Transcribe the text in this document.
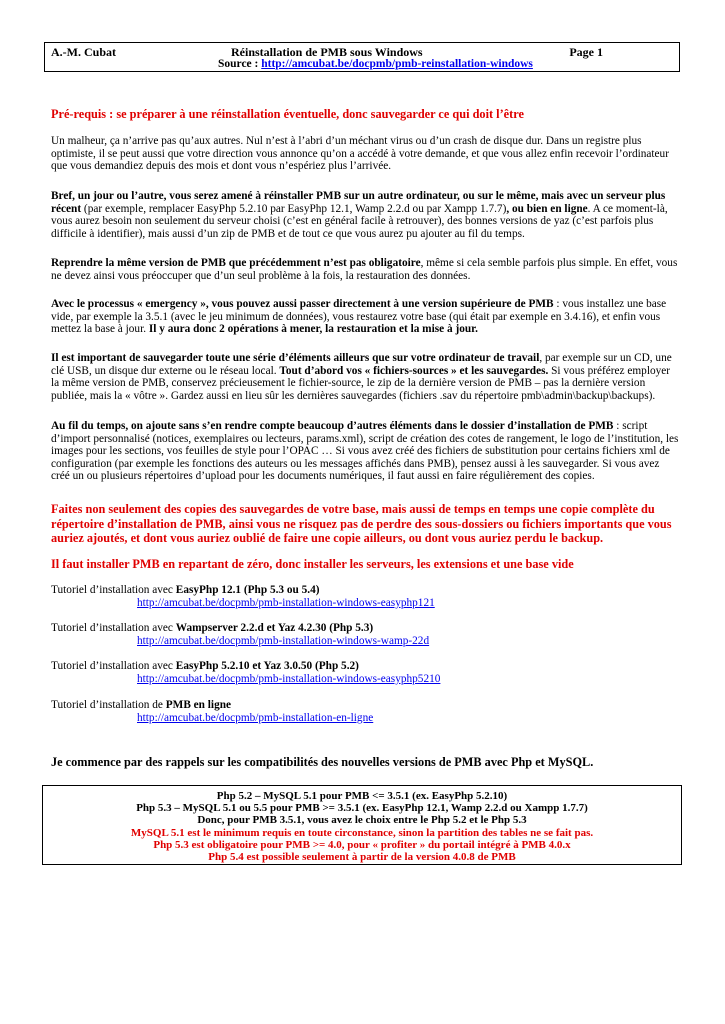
A.-M. Cubat	Réinstallation de PMB sous Windows	Page 1
Source : http://amcubat.be/docpmb/pmb-reinstallation-windows
Pré-requis : se préparer à une réinstallation éventuelle, donc sauvegarder ce qui doit l’être
Un malheur, ça n’arrive pas qu’aux autres. Nul n’est à l’abri d’un méchant virus ou d’un crash de disque dur. Dans un registre plus optimiste, il se peut aussi que votre direction vous annonce qu’on a accédé à votre demande, et que vous allez enfin recevoir l’ordinateur que vous demandiez depuis des mois et dont vous n’espériez plus l’arrivée.
Bref, un jour ou l’autre, vous serez amené à réinstaller PMB sur un autre ordinateur, ou sur le même, mais avec un serveur plus récent (par exemple, remplacer EasyPhp 5.2.10 par EasyPhp 12.1, Wamp 2.2.d ou par Xampp 1.7.7), ou bien en ligne. A ce moment-là, vous aurez besoin non seulement du serveur choisi (c’est en général facile à retrouver), des bonnes versions de yaz (c’est parfois plus difficile à identifier), mais aussi d’un zip de PMB et de tout ce que vous aurez pu ajouter au fil du temps.
Reprendre la même version de PMB que précédemment n’est pas obligatoire, même si cela semble parfois plus simple. En effet, vous ne devez ainsi vous préoccuper que d’un seul problème à la fois, la restauration des données.
Avec le processus « emergency », vous pouvez aussi passer directement à une version supérieure de PMB : vous installez une base vide, par exemple la 3.5.1 (avec le jeu minimum de données), vous restaurez votre base (qui était par exemple en 3.4.16), et enfin vous mettez la base à jour. Il y aura donc 2 opérations à mener, la restauration et la mise à jour.
Il est important de sauvegarder toute une série d’éléments ailleurs que sur votre ordinateur de travail, par exemple sur un CD, une clé USB, un disque dur externe ou le réseau local. Tout d’abord vos « fichiers-sources » et les sauvegardes. Si vous préférez employer la même version de PMB, conservez précieusement le fichier-source, le zip de la dernière version de PMB – pas la dernière version publiée, mais la « vôtre ». Gardez aussi en lieu sûr les dernières sauvegardes (fichiers .sav du répertoire pmb\admin\backup\backups).
Au fil du temps, on ajoute sans s’en rendre compte beaucoup d’autres éléments dans le dossier d’installation de PMB : script d’import personnalisé (notices, exemplaires ou lecteurs, params.xml), script de création des cotes de rangement, le logo de l’institution, les images pour les sections, vos feuilles de style pour l’OPAC … Si vous avez créé des fichiers de substitution pour certains fichiers xml de configuration (par exemple les fonctions des auteurs ou les messages affichés dans PMB), pensez aussi à les sauvegarder. Si vous avez créé un ou plusieurs répertoires d’upload pour les documents numériques, il faut aussi en faire régulièrement des copies.
Faites non seulement des copies des sauvegardes de votre base, mais aussi de temps en temps une copie complète du répertoire d’installation de PMB, ainsi vous ne risquez pas de perdre des sous-dossiers ou fichiers importants que vous auriez ajoutés, et dont vous auriez oublié de faire une copie ailleurs, ou dont vous auriez perdu le backup.
Il faut installer PMB en repartant de zéro, donc installer les serveurs, les extensions et une base vide
Tutoriel d’installation avec EasyPhp 12.1 (Php 5.3 ou 5.4)
http://amcubat.be/docpmb/pmb-installation-windows-easyphp121
Tutoriel d’installation avec Wampserver 2.2.d et Yaz 4.2.30 (Php 5.3)
http://amcubat.be/docpmb/pmb-installation-windows-wamp-22d
Tutoriel d’installation avec EasyPhp 5.2.10 et Yaz 3.0.50 (Php 5.2)
http://amcubat.be/docpmb/pmb-installation-windows-easyphp5210
Tutoriel d’installation de PMB en ligne
http://amcubat.be/docpmb/pmb-installation-en-ligne
Je commence par des rappels sur les compatibilités des nouvelles versions de PMB avec Php et MySQL.
Php 5.2 – MySQL 5.1 pour PMB <= 3.5.1 (ex. EasyPhp 5.2.10)
Php 5.3 – MySQL 5.1 ou 5.5 pour PMB >= 3.5.1 (ex. EasyPhp 12.1, Wamp 2.2.d ou Xampp 1.7.7)
Donc, pour PMB 3.5.1, vous avez le choix entre le Php 5.2 et le Php 5.3
MySQL 5.1 est le minimum requis en toute circonstance, sinon la partition des tables ne se fait pas.
Php 5.3 est obligatoire pour PMB >= 4.0, pour « profiter » du portail intégré à PMB 4.0.x
Php 5.4 est possible seulement à partir de la version 4.0.8 de PMB
